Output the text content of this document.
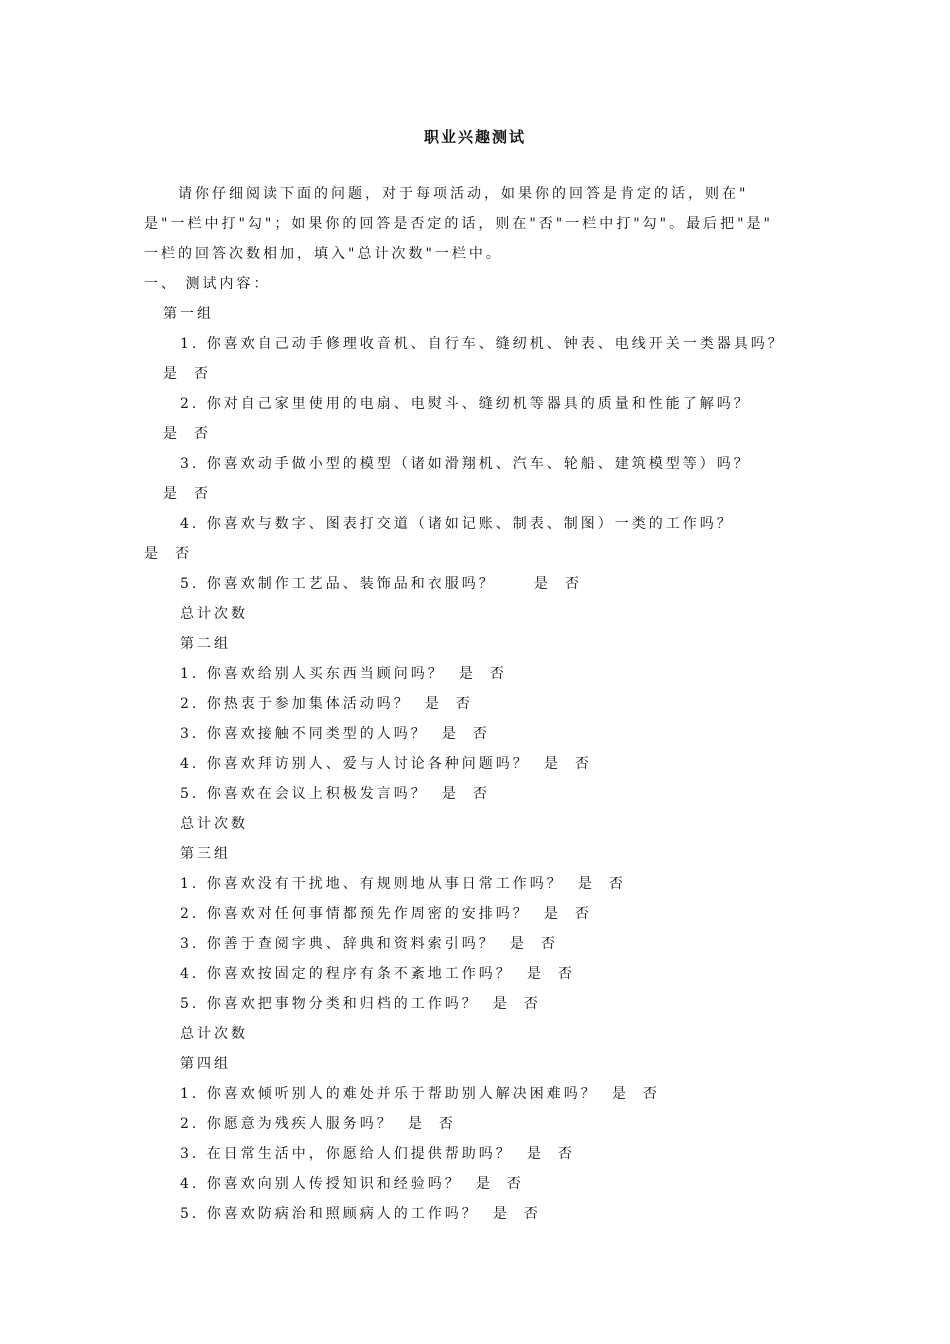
职业兴趣测试
请你仔细阅读下面的问题，对于每项活动，如果你的回答是肯定的话，则在"
是"一栏中打"勾"；如果你的回答是否定的话，则在"否"一栏中打"勾"。最后把"是"
一栏的回答次数相加，填入"总计次数"一栏中。
一、 测试内容：
第一组
1. 你喜欢自己动手修理收音机、自行车、缝纫机、钟表、电线开关一类器具吗？
是 否
2. 你对自己家里使用的电扇、电熨斗、缝纫机等器具的质量和性能了解吗？
是 否
3. 你喜欢动手做小型的模型（诸如滑翔机、汽车、轮船、建筑模型等）吗？
是 否
4. 你喜欢与数字、图表打交道（诸如记账、制表、制图）一类的工作吗？
是 否
5. 你喜欢制作工艺品、装饰品和衣服吗？	是 否
总计次数
第二组
1. 你喜欢给别人买东西当顾问吗？ 是 否
2. 你热衷于参加集体活动吗？ 是 否
3. 你喜欢接触不同类型的人吗？ 是 否
4. 你喜欢拜访别人、爱与人讨论各种问题吗？ 是 否
5. 你喜欢在会议上积极发言吗？ 是 否
总计次数
第三组
1. 你喜欢没有干扰地、有规则地从事日常工作吗？ 是 否
2. 你喜欢对任何事情都预先作周密的安排吗？ 是 否
3. 你善于查阅字典、辞典和资料索引吗？ 是 否
4. 你喜欢按固定的程序有条不紊地工作吗？ 是 否
5. 你喜欢把事物分类和归档的工作吗？ 是 否
总计次数
第四组
1. 你喜欢倾听别人的难处并乐于帮助别人解决困难吗？ 是 否
2. 你愿意为残疾人服务吗？ 是 否
3. 在日常生活中，你愿给人们提供帮助吗？ 是 否
4. 你喜欢向别人传授知识和经验吗？ 是 否
5. 你喜欢防病治和照顾病人的工作吗？ 是 否
